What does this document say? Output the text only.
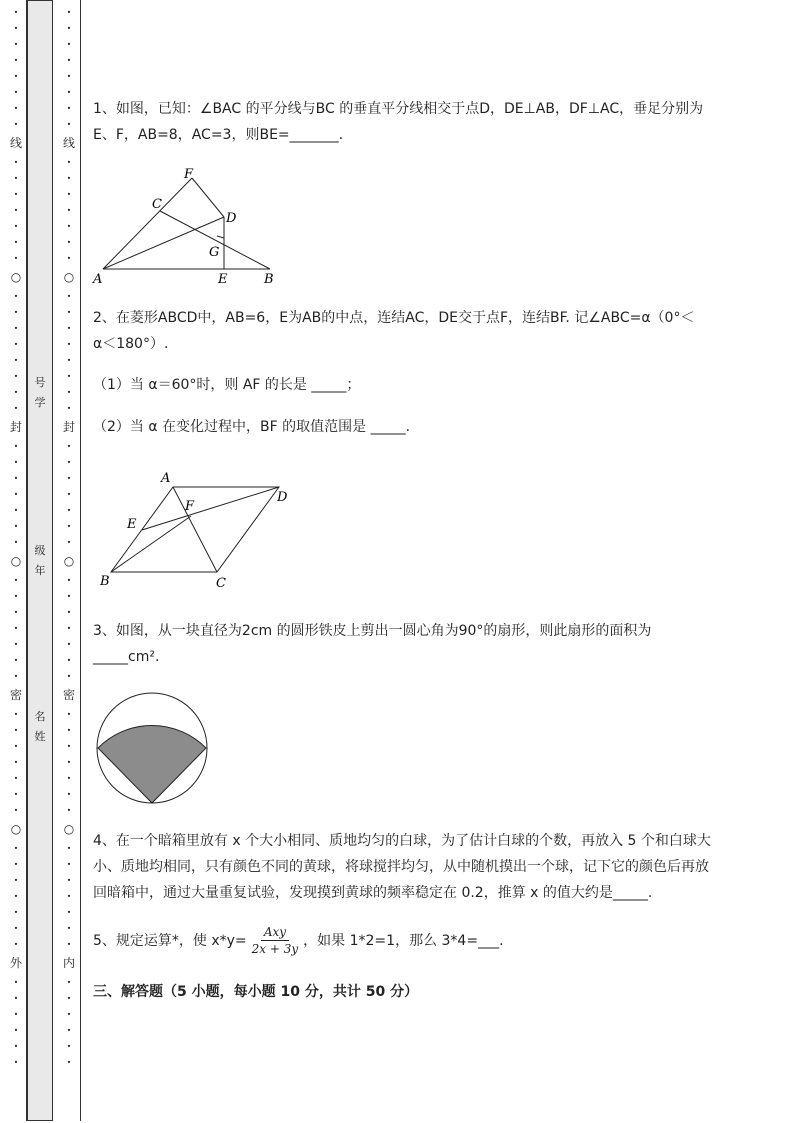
·
·
·
·
·
·
·
·
线
·
·
·
·
·
·
·
○
·
·
·
·
·
·
·
·
封
·
·
·
·
·
·
·
○
·
·
·
·
·
·
·
密
·
·
·
·
·
·
·
○
·
·
·
·
·
·
·
外
·
·
·
·
·
·
号
学
级
年
名
姓
·
·
·
·
·
·
·
·
线
·
·
·
·
·
·
·
○
·
·
·
·
·
·
·
·
封
·
·
·
·
·
·
·
○
·
·
·
·
·
·
·
密
·
·
·
·
·
·
·
○
·
·
·
·
·
·
·
内
·
·
·
·
·
·
1、如图，已知：∠BAC 的平分线与BC 的垂直平分线相交于点D，DE⊥AB，DF⊥AC，垂足分别为
E、F，AB=8，AC=3，则BE=_______.
A	B
C
D
E
F
G
2、在菱形ABCD中，AB=6，E为AB的中点，连结AC，DE交于点F，连结BF. 记∠ABC=α（0°＜
α＜180°）.
（1）当 α＝60°时，则 AF 的长是 _____；
（2）当 α 在变化过程中，BF 的取值范围是 _____.
A
B	C
D
E
F
3、如图，从一块直径为2cm 的圆形铁皮上剪出一圆心角为90°的扇形，则此扇形的面积为
_____cm².
4、在一个暗箱里放有 x 个大小相同、质地均匀的白球，为了估计白球的个数，再放入 5 个和白球大
小、质地均相同，只有颜色不同的黄球，将球搅拌均匀，从中随机摸出一个球，记下它的颜色后再放
回暗箱中，通过大量重复试验，发现摸到黄球的频率稳定在 0.2，推算 x 的值大约是_____.
5、规定运算*，使 $x*y= \frac{\text{Axy}}{2x + 3y}$ ，如果 1*2=1，那么 3*4=___.
三、解答题（5 小题，每小题 10 分，共计 50 分）
